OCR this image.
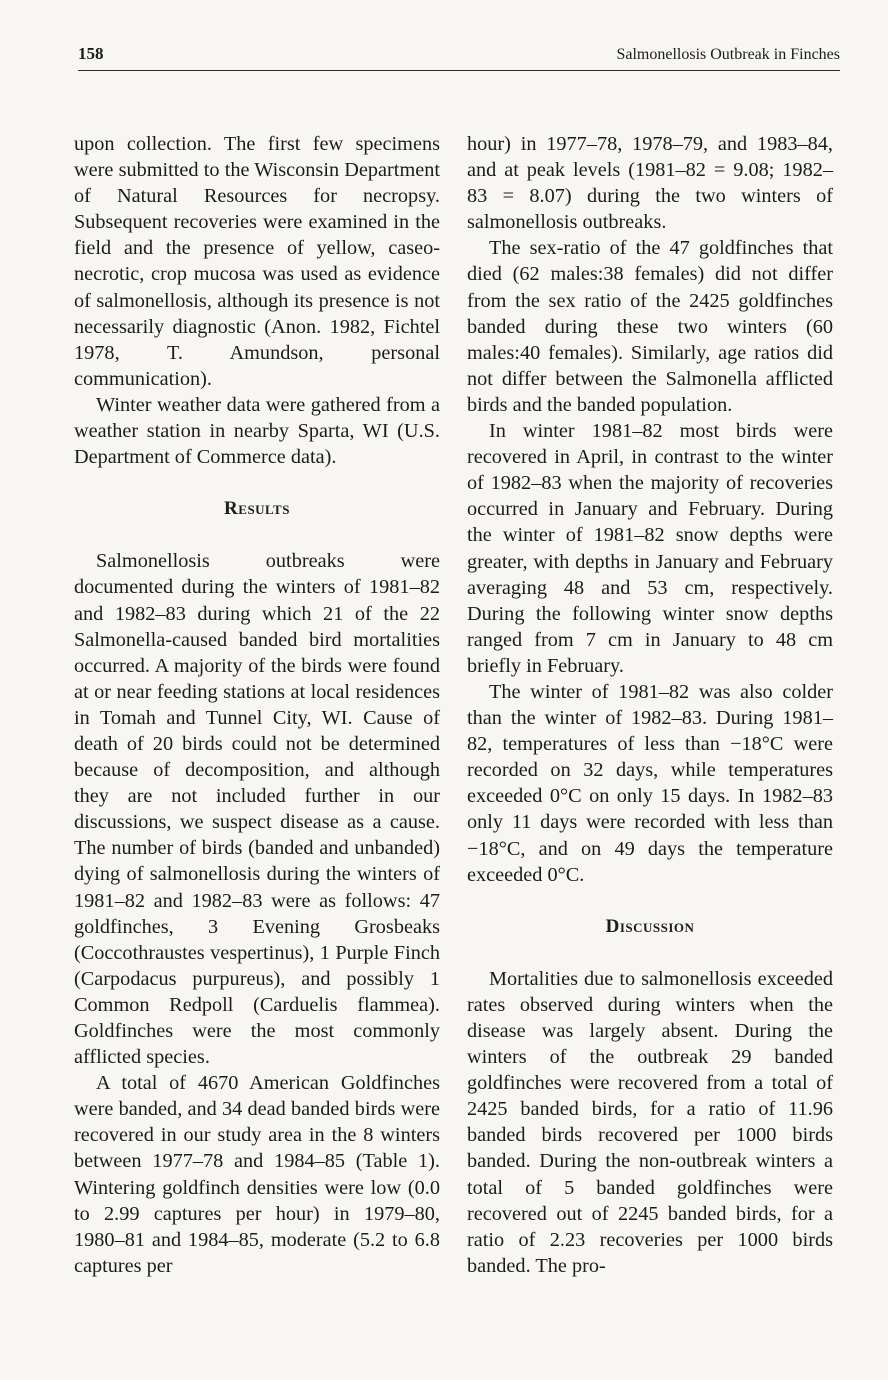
158	Salmonellosis Outbreak in Finches

upon collection. The first few specimens were submitted to the Wisconsin Department of Natural Resources for necropsy. Subsequent recoveries were examined in the field and the presence of yellow, caseo-necrotic, crop mucosa was used as evidence of salmonellosis, although its presence is not necessarily diagnostic (Anon. 1982, Fichtel 1978, T. Amundson, personal communication).

Winter weather data were gathered from a weather station in nearby Sparta, WI (U.S. Department of Commerce data).

Results

Salmonellosis outbreaks were documented during the winters of 1981–82 and 1982–83 during which 21 of the 22 Salmonella-caused banded bird mortalities occurred. A majority of the birds were found at or near feeding stations at local residences in Tomah and Tunnel City, WI. Cause of death of 20 birds could not be determined because of decomposition, and although they are not included further in our discussions, we suspect disease as a cause. The number of birds (banded and unbanded) dying of salmonellosis during the winters of 1981–82 and 1982–83 were as follows: 47 goldfinches, 3 Evening Grosbeaks (Coccothraustes vespertinus), 1 Purple Finch (Carpodacus purpureus), and possibly 1 Common Redpoll (Carduelis flammea). Goldfinches were the most commonly afflicted species.

A total of 4670 American Goldfinches were banded, and 34 dead banded birds were recovered in our study area in the 8 winters between 1977–78 and 1984–85 (Table 1). Wintering goldfinch densities were low (0.0 to 2.99 captures per hour) in 1979–80, 1980–81 and 1984–85, moderate (5.2 to 6.8 captures per

hour) in 1977–78, 1978–79, and 1983–84, and at peak levels (1981–82 = 9.08; 1982–83 = 8.07) during the two winters of salmonellosis outbreaks.

The sex-ratio of the 47 goldfinches that died (62 males:38 females) did not differ from the sex ratio of the 2425 goldfinches banded during these two winters (60 males:40 females). Similarly, age ratios did not differ between the Salmonella afflicted birds and the banded population.

In winter 1981–82 most birds were recovered in April, in contrast to the winter of 1982–83 when the majority of recoveries occurred in January and February. During the winter of 1981–82 snow depths were greater, with depths in January and February averaging 48 and 53 cm, respectively. During the following winter snow depths ranged from 7 cm in January to 48 cm briefly in February.

The winter of 1981–82 was also colder than the winter of 1982–83. During 1981–82, temperatures of less than −18°C were recorded on 32 days, while temperatures exceeded 0°C on only 15 days. In 1982–83 only 11 days were recorded with less than −18°C, and on 49 days the temperature exceeded 0°C.

Discussion

Mortalities due to salmonellosis exceeded rates observed during winters when the disease was largely absent. During the winters of the outbreak 29 banded goldfinches were recovered from a total of 2425 banded birds, for a ratio of 11.96 banded birds recovered per 1000 birds banded. During the non-outbreak winters a total of 5 banded goldfinches were recovered out of 2245 banded birds, for a ratio of 2.23 recoveries per 1000 birds banded. The pro-
